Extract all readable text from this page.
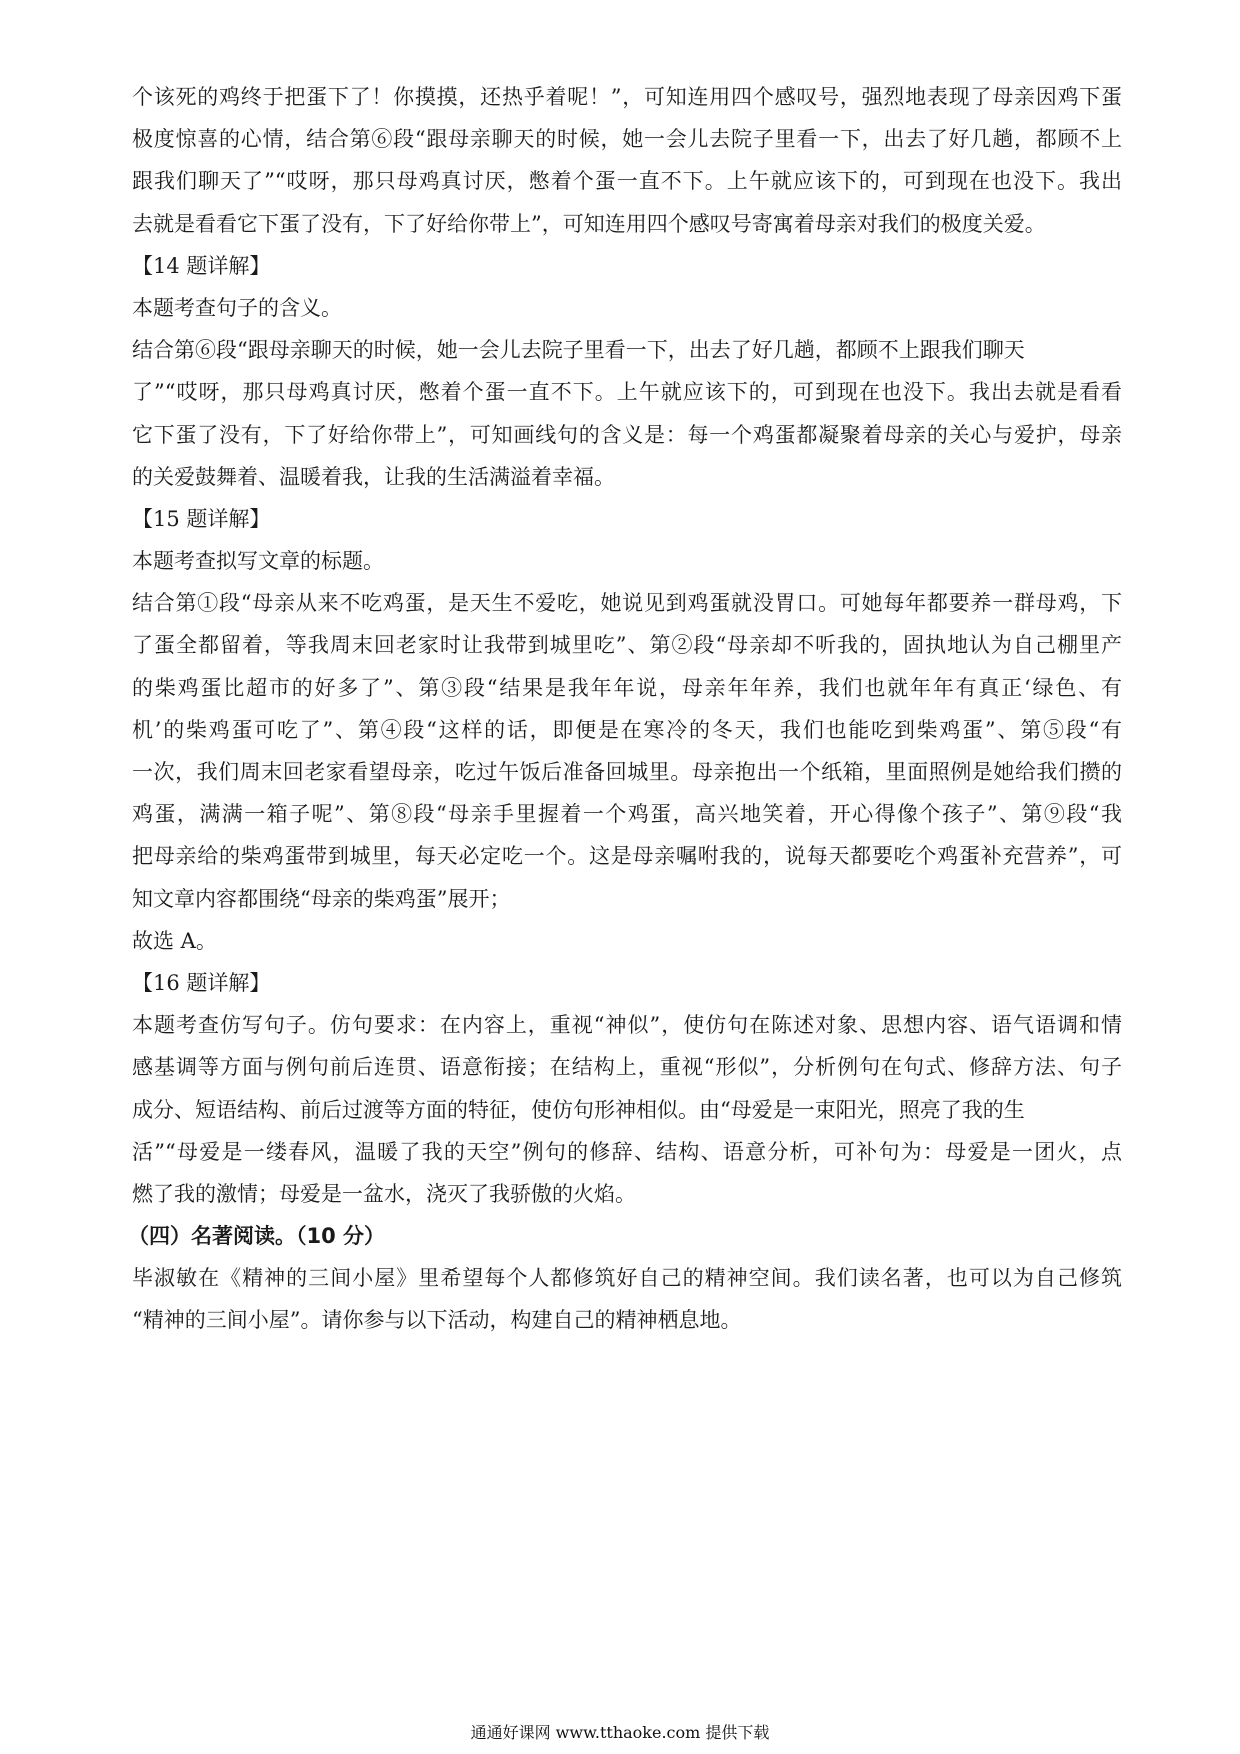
个该死的鸡终于把蛋下了！你摸摸，还热乎着呢！”，可知连用四个感叹号，强烈地表现了母亲因鸡下蛋
极度惊喜的心情，结合第⑥段“跟母亲聊天的时候，她一会儿去院子里看一下，出去了好几趟，都顾不上
跟我们聊天了”“哎呀，那只母鸡真讨厌，憋着个蛋一直不下。上午就应该下的，可到现在也没下。我出
去就是看看它下蛋了没有，下了好给你带上”，可知连用四个感叹号寄寓着母亲对我们的极度关爱。
【14 题详解】
本题考查句子的含义。
结合第⑥段“跟母亲聊天的时候，她一会儿去院子里看一下，出去了好几趟，都顾不上跟我们聊天
了”“哎呀，那只母鸡真讨厌，憋着个蛋一直不下。上午就应该下的，可到现在也没下。我出去就是看看
它下蛋了没有，下了好给你带上”，可知画线句的含义是：每一个鸡蛋都凝聚着母亲的关心与爱护，母亲
的关爱鼓舞着、温暖着我，让我的生活满溢着幸福。
【15 题详解】
本题考查拟写文章的标题。
结合第①段“母亲从来不吃鸡蛋，是天生不爱吃，她说见到鸡蛋就没胃口。可她每年都要养一群母鸡，下
了蛋全都留着，等我周末回老家时让我带到城里吃”、第②段“母亲却不听我的，固执地认为自己棚里产
的柴鸡蛋比超市的好多了”、第③段“结果是我年年说，母亲年年养，我们也就年年有真正‘绿色、有
机’的柴鸡蛋可吃了”、第④段“这样的话，即便是在寒冷的冬天，我们也能吃到柴鸡蛋”、第⑤段“有
一次，我们周末回老家看望母亲，吃过午饭后准备回城里。母亲抱出一个纸箱，里面照例是她给我们攒的
鸡蛋，满满一箱子呢”、第⑧段“母亲手里握着一个鸡蛋，高兴地笑着，开心得像个孩子”、第⑨段“我
把母亲给的柴鸡蛋带到城里，每天必定吃一个。这是母亲嘱咐我的，说每天都要吃个鸡蛋补充营养”，可
知文章内容都围绕“母亲的柴鸡蛋”展开；
故选 A。
【16 题详解】
本题考查仿写句子。仿句要求：在内容上，重视“神似”，使仿句在陈述对象、思想内容、语气语调和情
感基调等方面与例句前后连贯、语意衔接；在结构上，重视“形似”，分析例句在句式、修辞方法、句子
成分、短语结构、前后过渡等方面的特征，使仿句形神相似。由“母爱是一束阳光，照亮了我的生
活”“母爱是一缕春风，温暖了我的天空”例句的修辞、结构、语意分析，可补句为：母爱是一团火，点
燃了我的激情；母爱是一盆水，浇灭了我骄傲的火焰。
（四）名著阅读。（10 分）
毕淑敏在《精神的三间小屋》里希望每个人都修筑好自己的精神空间。我们读名著，也可以为自己修筑
“精神的三间小屋”。请你参与以下活动，构建自己的精神栖息地。
通通好课网 www.tthaoke.com 提供下载
